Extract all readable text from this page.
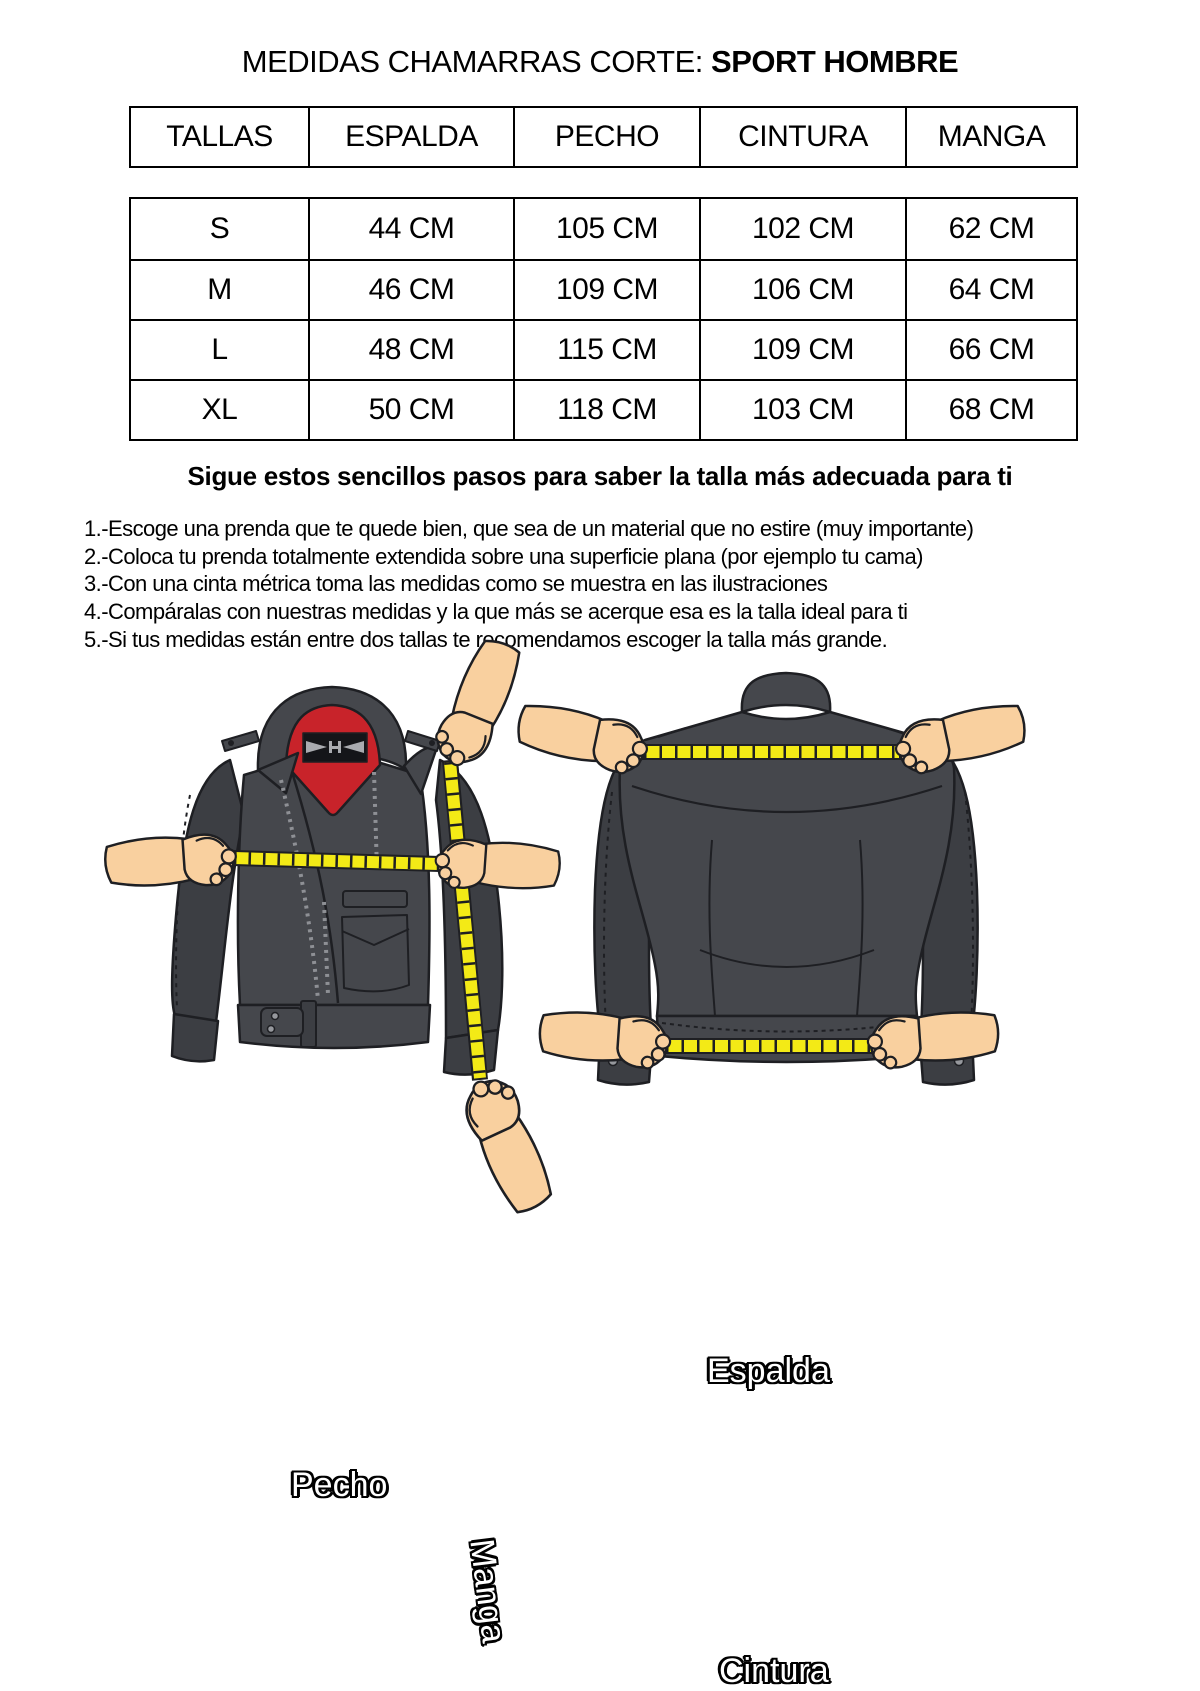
MEDIDAS CHAMARRAS CORTE: SPORT HOMBRE
TALLAS	ESPALDA	PECHO	CINTURA	MANGA
S	44 CM	105 CM	102 CM	62 CM
M	46 CM	109 CM	106 CM	64 CM
L	48 CM	115 CM	109 CM	66 CM
XL	50 CM	118 CM	103 CM	68 CM
Sigue estos sencillos pasos para saber la talla más adecuada para ti
1.-Escoge una prenda que te quede bien, que sea de un material que no estire (muy importante)
2.-Coloca tu prenda totalmente extendida sobre una superficie plana (por ejemplo tu cama)
3.-Con una cinta métrica toma las medidas como se muestra en las ilustraciones
4.-Compáralas con nuestras medidas y la que más se acerque esa es la talla ideal para ti
5.-Si tus medidas están entre dos tallas te recomendamos escoger la talla más grande.
Pecho
Manga
Espalda
Cintura
